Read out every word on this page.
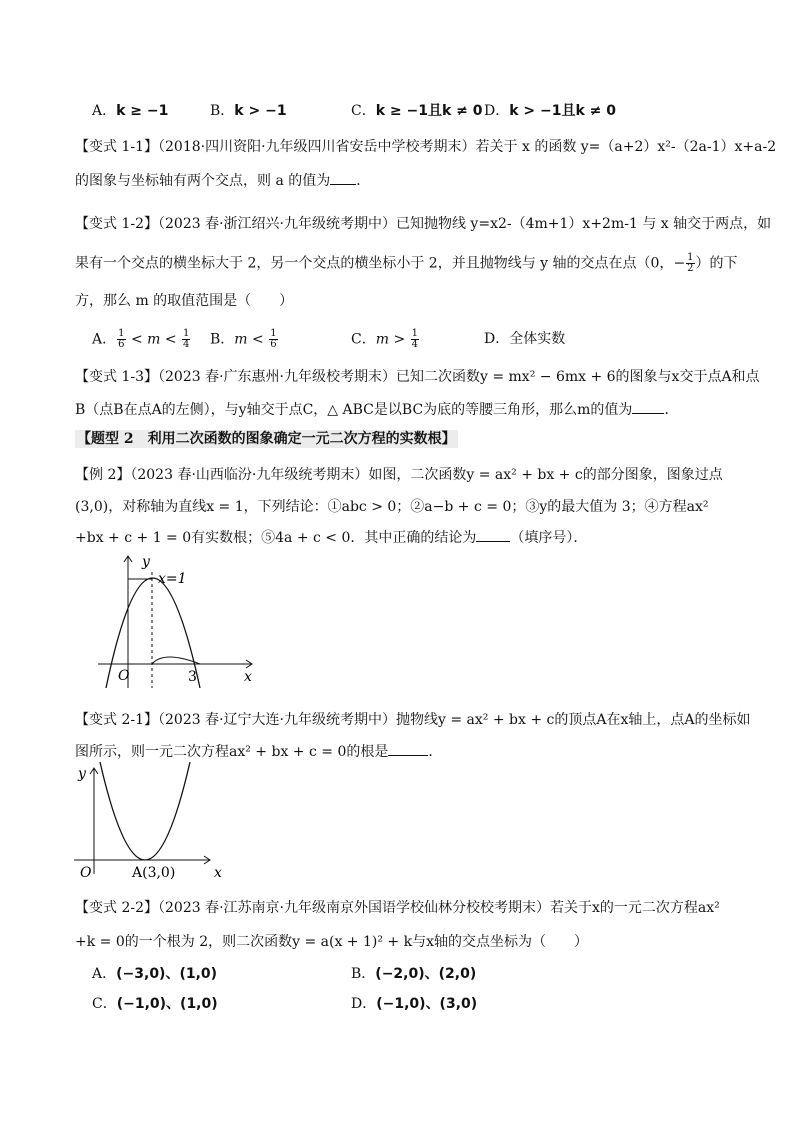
A．k ≥ −1	B．k > −1	C．k ≥ −1且k ≠ 0 D．k > −1且k ≠ 0
【变式 1-1】（2018·四川资阳·九年级四川省安岳中学校考期末）若关于 x 的函数 y=（a+2）x²-（2a-1）x+a-2
的图象与坐标轴有两个交点，则 a 的值为 ．
【变式 1-2】（2023 春·浙江绍兴·九年级统考期中）已知抛物线 y=x2-（4m+1）x+2m-1 与 x 轴交于两点，如
果有一个交点的横坐标大于 2，另一个交点的横坐标小于 2，并且抛物线与 y 轴的交点在点（0，− $\frac{1}{2}$ ）的下
方，那么 m 的取值范围是（　　）
A． $\frac{1}{6} < m < \frac{1}{4}$ B．$m < \frac{1}{6}$	C．$m > \frac{1}{4}$	D．全体实数
【变式 1-3】（2023 春·广东惠州·九年级校考期末）已知二次函数y = mx² − 6mx + 6的图象与x交于点A和点
B（点B在点A的左侧），与y轴交于点C，△ ABC是以BC为底的等腰三角形，那么m的值为 ．
【题型 2　利用二次函数的图象确定一元二次方程的实数根】
【例 2】（2023 春·山西临汾·九年级统考期末）如图，二次函数y = ax² + bx + c的部分图象，图象过点
(3,0)，对称轴为直线x = 1，下列结论：①abc > 0；②a−b + c = 0；③y的最大值为 3；④方程ax²
+bx + c + 1 = 0有实数根；⑤4a + c < 0．其中正确的结论为 （填序号）．
y
x=1
O	3	x
【变式 2-1】（2023 春·辽宁大连·九年级统考期中）抛物线y = ax² + bx + c的顶点A在x轴上，点A的坐标如
图所示，则一元二次方程ax² + bx + c = 0的根是	．
y
O	A(3,0)	x
【变式 2-2】（2023 春·江苏南京·九年级南京外国语学校仙林分校校考期末）若关于x的一元二次方程ax²
+k = 0的一个根为 2，则二次函数y = a(x + 1)² + k与x轴的交点坐标为（　　）
A．(−3,0)、(1,0)	B．(−2,0)、(2,0)
C．(−1,0)、(1,0)	D．(−1,0)、(3,0)
